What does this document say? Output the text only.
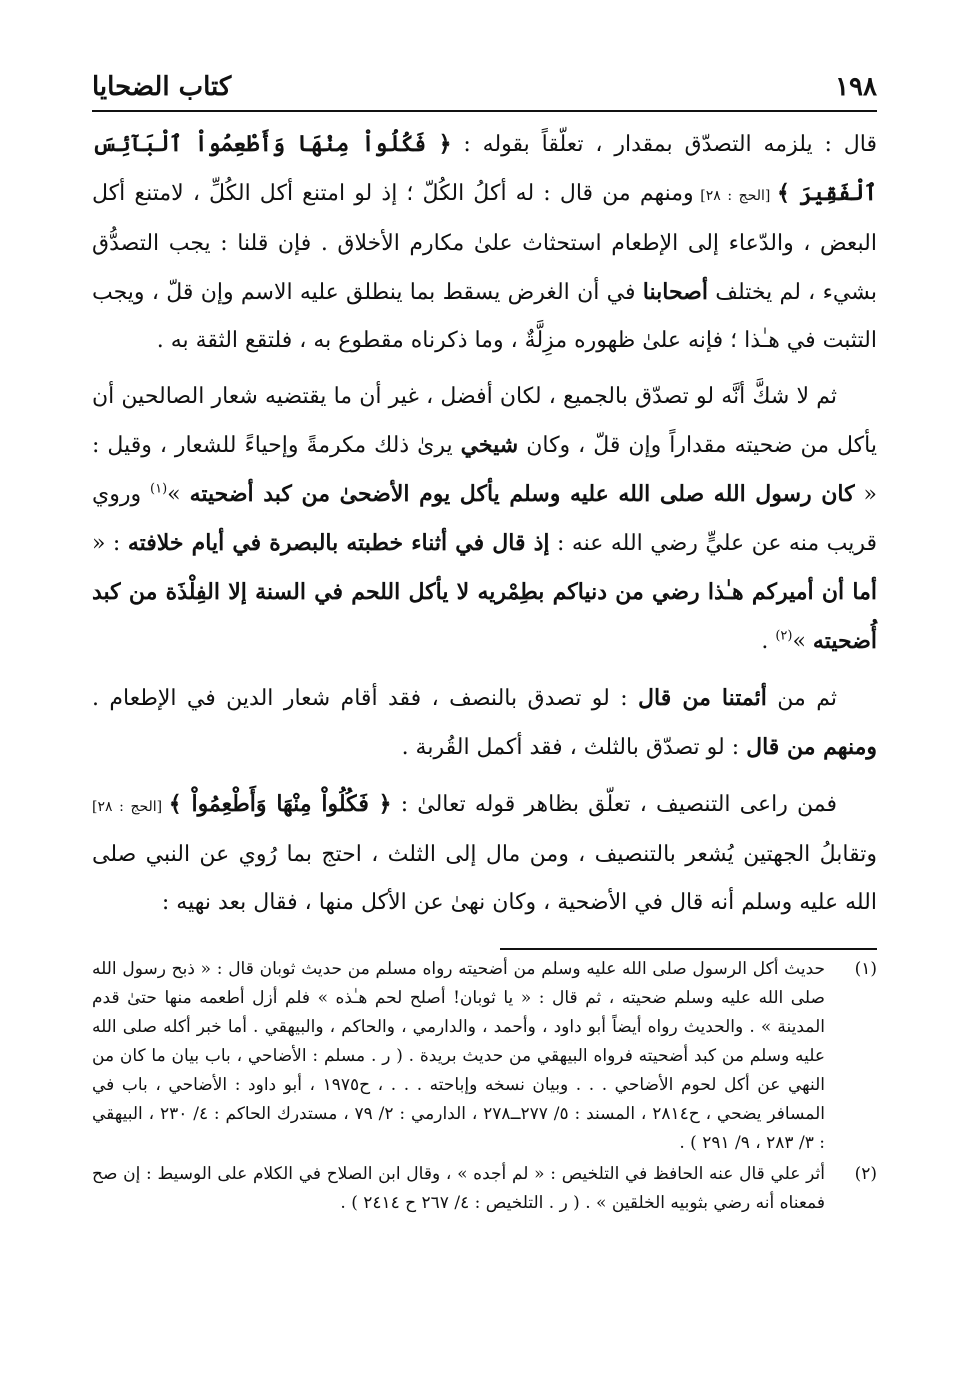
١٩٨
كتاب الضحايا

قال : يلزمه التصدّق بمقدار ، تعلّقاً بقوله : ﴿ فَكُلُواْ مِنْهَا وَأَطْعِمُواْ ٱلْبَآئِسَ ٱلْفَقِيرَ ﴾ [الحج : ٢٨] ومنهم من قال : له أكلُ الكُلّ ؛ إذ لو امتنع أكل الكُلِّ ، لامتنع أكل البعض ، والدّعاء إلى الإطعام استحثاث علىٰ مكارم الأخلاق . فإن قلنا : يجب التصدُّق بشيء ، لم يختلف أصحابنا في أن الغرض يسقط بما ينطلق عليه الاسم وإن قلّ ، ويجب التثبت في هـٰذا ؛ فإنه علىٰ ظهوره مزِلَّةٌ ، وما ذكرناه مقطوع به ، فلتقع الثقة به .

ثم لا شكَّ أنَّه لو تصدّق بالجميع ، لكان أفضل ، غير أن ما يقتضيه شعار الصالحين أن يأكل من ضحيته مقداراً وإن قلّ ، وكان شيخي يرىٰ ذلك مكرمةً وإحياءً للشعار ، وقيل : « كان رسول الله صلى الله عليه وسلم يأكل يوم الأضحىٰ من كبد أضحيته »$^{(١)}$ وروي قريب منه عن عليٍّ رضي الله عنه : إذ قال في أثناء خطبته بالبصرة في أيام خلافته : « أما أن أميركم هـٰذا رضي من دنياكم بطِمْريه لا يأكل اللحم في السنة إلا الفِلْذَة من كبد أُضحيته »$^{(٢)}$ .

ثم من أئمتنا من قال : لو تصدق بالنصف ، فقد أقام شعار الدين في الإطعام . ومنهم من قال : لو تصدّق بالثلث ، فقد أكمل القُربة .

فمن راعى التنصيف ، تعلّق بظاهر قوله تعالىٰ : ﴿ فَكُلُواْ مِنْهَا وَأَطْعِمُواْ ﴾ [الحج : ٢٨] وتقابلُ الجهتين يُشعر بالتنصيف ، ومن مال إلى الثلث ، احتج بما رُوي عن النبي صلى الله عليه وسلم أنه قال في الأضحية ، وكان نهىٰ عن الأكل منها ، فقال بعد نهيه :

(١)
حديث أكل الرسول صلى الله عليه وسلم من أضحيته رواه مسلم من حديث ثوبان قال : « ذبح رسول الله صلى الله عليه وسلم ضحيته ، ثم قال : « يا ثوبان! أصلح لحم هـٰذه » فلم أزل أطعمه منها حتىٰ قدم المدينة » . والحديث رواه أيضاً أبو داود ، وأحمد ، والدارمي ، والحاكم ، والبيهقي . أما خبر أكله صلى الله عليه وسلم من كبد أضحيته فرواه البيهقي من حديث بريدة . ( ر . مسلم : الأضاحي ، باب بيان ما كان من النهي عن أكل لحوم الأضاحي . . . وبيان نسخه وإباحته . . . ، ح١٩٧٥ ، أبو داود : الأضاحي ، باب في المسافر يضحي ، ح٢٨١٤ ، المسند : ٥/ ٢٧٧ــ٢٧٨ ، الدارمي : ٢/ ٧٩ ، مستدرك الحاكم : ٤/ ٢٣٠ ، البيهقي : ٣/ ٢٨٣ ، ٩/ ٢٩١ ) .
(٢)
أثر علي قال عنه الحافظ في التلخيص : « لم أجده » ، وقال ابن الصلاح في الكلام على الوسيط : إن صح فمعناه أنه رضي بثوبيه الخلقين » . ( ر . التلخيص : ٤/ ٢٦٧ ح ٢٤١٤ ) .
